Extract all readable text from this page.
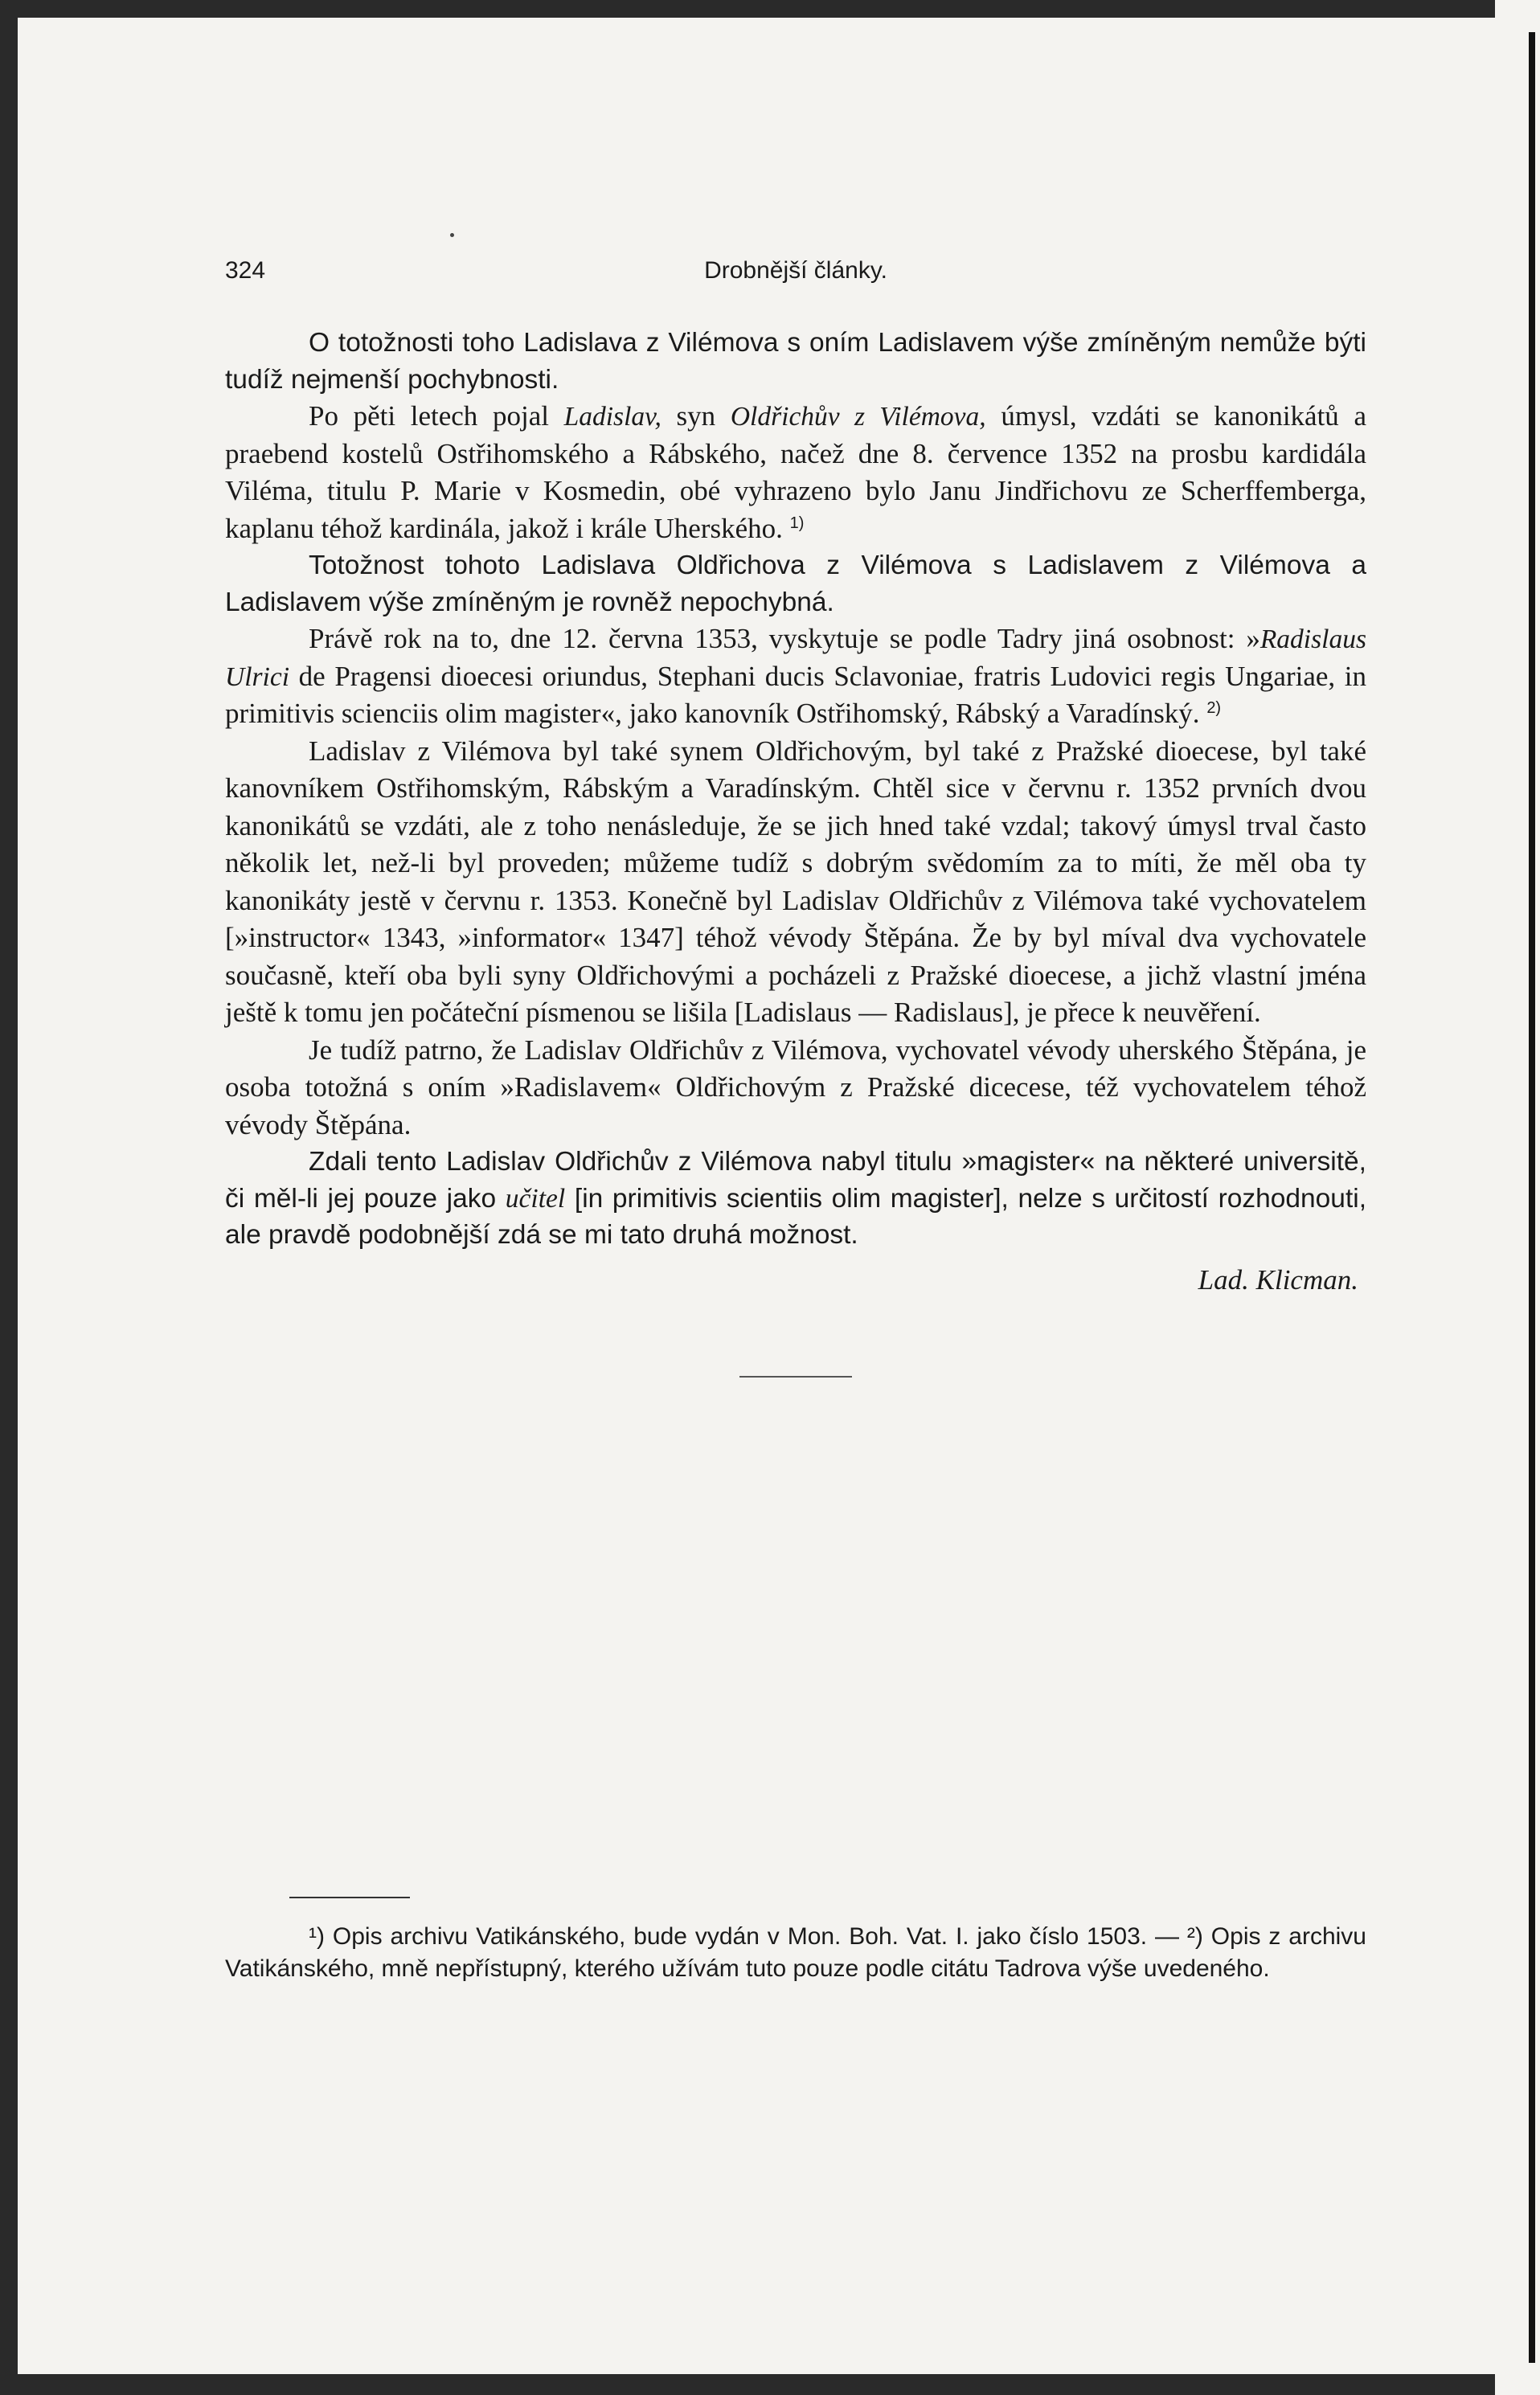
324	Drobnější články.

O totožnosti toho Ladislava z Vilémova s oním Ladislavem výše zmíněným nemůže býti tudíž nejmenší pochybnosti.

Po pěti letech pojal Ladislav, syn Oldřichův z Vilémova, úmysl, vzdáti se kanonikátů a praebend kostelů Ostřihomského a Rábského, načež dne 8. července 1352 na prosbu kardidála Viléma, titulu P. Marie v Kosmedin, obé vyhrazeno bylo Janu Jindřichovu ze Scherffemberga, kaplanu téhož kardinála, jakož i krále Uherského. $^{1)}$

Totožnost tohoto Ladislava Oldřichova z Vilémova s Ladislavem z Vilémova a Ladislavem výše zmíněným je rovněž nepochybná.

Právě rok na to, dne 12. června 1353, vyskytuje se podle Tadry jiná osobnost: »Radislaus Ulrici de Pragensi dioecesi oriundus, Stephani ducis Sclavoniae, fratris Ludovici regis Ungariae, in primitivis scienciis olim magister«, jako kanovník Ostřihomský, Rábský a Varadínský. $^{2)}$

Ladislav z Vilémova byl také synem Oldřichovým, byl také z Pražské dioecese, byl také kanovníkem Ostřihomským, Rábským a Varadínským. Chtěl sice v červnu r. 1352 prvních dvou kanonikátů se vzdáti, ale z toho nenásleduje, že se jich hned také vzdal; takový úmysl trval často několik let, než-li byl proveden; můžeme tudíž s dobrým svědomím za to míti, že měl oba ty kanonikáty jestě v červnu r. 1353. Konečně byl Ladislav Oldřichův z Vilémova také vychovatelem [»instructor« 1343, »informator« 1347] téhož vévody Štěpána. Že by byl míval dva vychovatele současně, kteří oba byli syny Oldřichovými a pocházeli z Pražské dioecese, a jichž vlastní jména ještě k tomu jen počáteční písmenou se lišila [Ladislaus — Radislaus], je přece k neuvěření.

Je tudíž patrno, že Ladislav Oldřichův z Vilémova, vychovatel vévody uherského Štěpána, je osoba totožná s oním »Radislavem« Oldřichovým z Pražské dicecese, též vychovatelem téhož vévody Štěpána.

Zdali tento Ladislav Oldřichův z Vilémova nabyl titulu »magister« na některé universitě, či měl-li jej pouze jako učitel [in primitivis scientiis olim magister], nelze s určitostí rozhodnouti, ale pravdě podobnější zdá se mi tato druhá možnost.

Lad. Klicman.

¹) Opis archivu Vatikánského, bude vydán v Mon. Boh. Vat. I. jako číslo 1503. — ²) Opis z archivu Vatikánského, mně nepřístupný, kterého užívám tuto pouze podle citátu Tadrova výše uvedeného.
